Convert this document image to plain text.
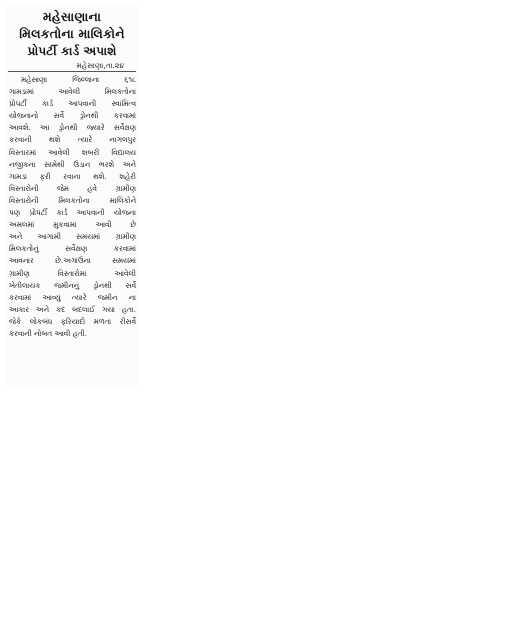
મહેસાણાના
મિલકતોના માલિકોને
પ્રોપર્ટી કાર્ડ અપાશે
મહેસાણા,તા.૨૪
મહેસાણા જિલ્લાના ૬૧૮
ગામડામાં આવેલી મિલકતોના
પ્રોપર્ટી કાર્ડ આપવાની સ્વામિત્વ
યોજનાનો સર્વે ડ્રોનથી કરવામાં
આવશે. આ ડ્રોનથી જ્યારે સર્વેક્ષણ
કરવાની થશે ત્યારે નાગલપુર
વિસ્તારમાં આવેલી શબરી વિદ્યાલય
નજીકના સામેથી ઉડાન ભરશે અને
ગામડા ફરી રવાના થશે. શહેરી
વિસ્તારોની જેમ હવે ગ્રામીણ
વિસ્તારોની મિલકતોના માલિકોને
પણ પ્રોપર્ટી કાર્ડ આપવાની યોજના
અમલમાં મુકવામાં આવી છે
અને આગામી સમયમાં ગ્રામીણ
મિલકતોનું સર્વેક્ષણ કરવામાં
આવનાર છે.અગાઉના સમયમાં
ગ્રામીણ વિસ્તારોમાં આવેલી
ખેતીલાયક જમીનનું ડ્રોનથી સર્વે
કરવામાં આવ્યું ત્યારે જમીન ના
આકાર અને કદ બદલાઈ ગયા હતા.
જેકે લોકબંધ ફરિયાદો મળતા રીસર્વે
કરવાની નોબત આવી હતી.
